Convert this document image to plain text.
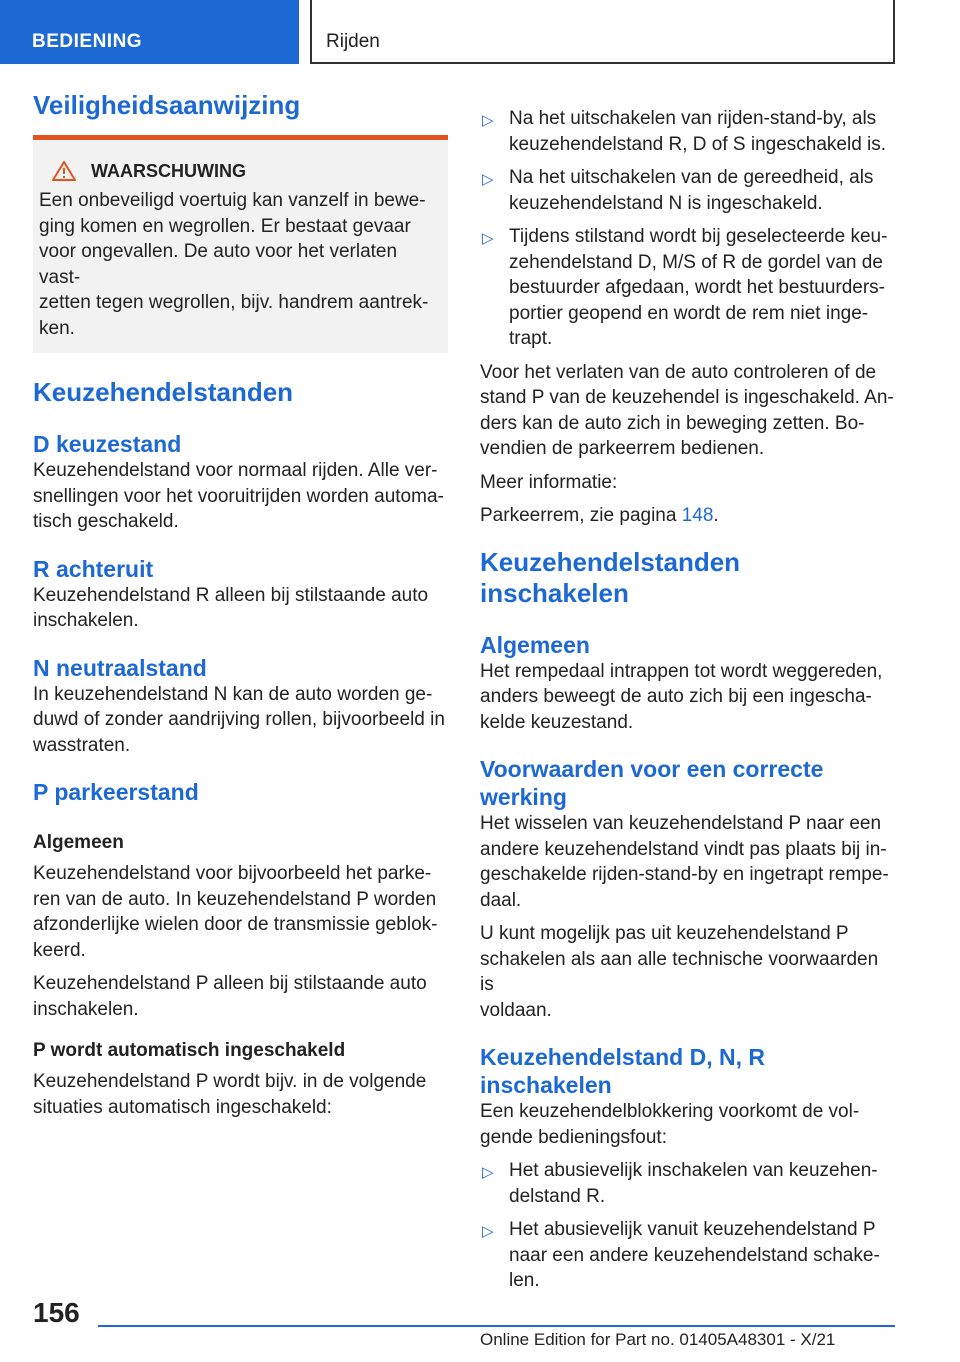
BEDIENING	Rijden
Veiligheidsaanwijzing
WAARSCHUWING

Een onbeveiligd voertuig kan vanzelf in bewe-
ging komen en wegrollen. Er bestaat gevaar
voor ongevallen. De auto voor het verlaten vast-
zetten tegen wegrollen, bijv. handrem aantrek-
ken.

Keuzehendelstanden
D keuzestand

Keuzehendelstand voor normaal rijden. Alle ver-
snellingen voor het vooruitrijden worden automa-
tisch geschakeld.

R achteruit

Keuzehendelstand R alleen bij stilstaande auto
inschakelen.

N neutraalstand

In keuzehendelstand N kan de auto worden ge-
duwd of zonder aandrijving rollen, bijvoorbeeld in
wasstraten.

P parkeerstand
Algemeen

Keuzehendelstand voor bijvoorbeeld het parke-
ren van de auto. In keuzehendelstand P worden
afzonderlijke wielen door de transmissie geblok-
keerd.

Keuzehendelstand P alleen bij stilstaande auto
inschakelen.

P wordt automatisch ingeschakeld

Keuzehendelstand P wordt bijv. in de volgende
situaties automatisch ingeschakeld:

▷ Na het uitschakelen van rijden-stand-by, als
keuzehendelstand R, D of S ingeschakeld is.
▷ Na het uitschakelen van de gereedheid, als
keuzehendelstand N is ingeschakeld.
▷ Tijdens stilstand wordt bij geselecteerde keu-
zehendelstand D, M/S of R de gordel van de
bestuurder afgedaan, wordt het bestuurders-
portier geopend en wordt de rem niet inge-
trapt.

Voor het verlaten van de auto controleren of de
stand P van de keuzehendel is ingeschakeld. An-
ders kan de auto zich in beweging zetten. Bo-
vendien de parkeerrem bedienen.

Meer informatie:

Parkeerrem, zie pagina 148.

Keuzehendelstanden
inschakelen
Algemeen

Het rempedaal intrappen tot wordt weggereden,
anders beweegt de auto zich bij een ingescha-
kelde keuzestand.

Voorwaarden voor een correcte
werking

Het wisselen van keuzehendelstand P naar een
andere keuzehendelstand vindt pas plaats bij in-
geschakelde rijden-stand-by en ingetrapt rempe-
daal.

U kunt mogelijk pas uit keuzehendelstand P
schakelen als aan alle technische voorwaarden is
voldaan.

Keuzehendelstand D, N, R
inschakelen

Een keuzehendelblokkering voorkomt de vol-
gende bedieningsfout:

▷ Het abusievelijk inschakelen van keuzehen-
delstand R.
▷ Het abusievelijk vanuit keuzehendelstand P
naar een andere keuzehendelstand schake-
len.
156
Online Edition for Part no. 01405A48301 - X/21
